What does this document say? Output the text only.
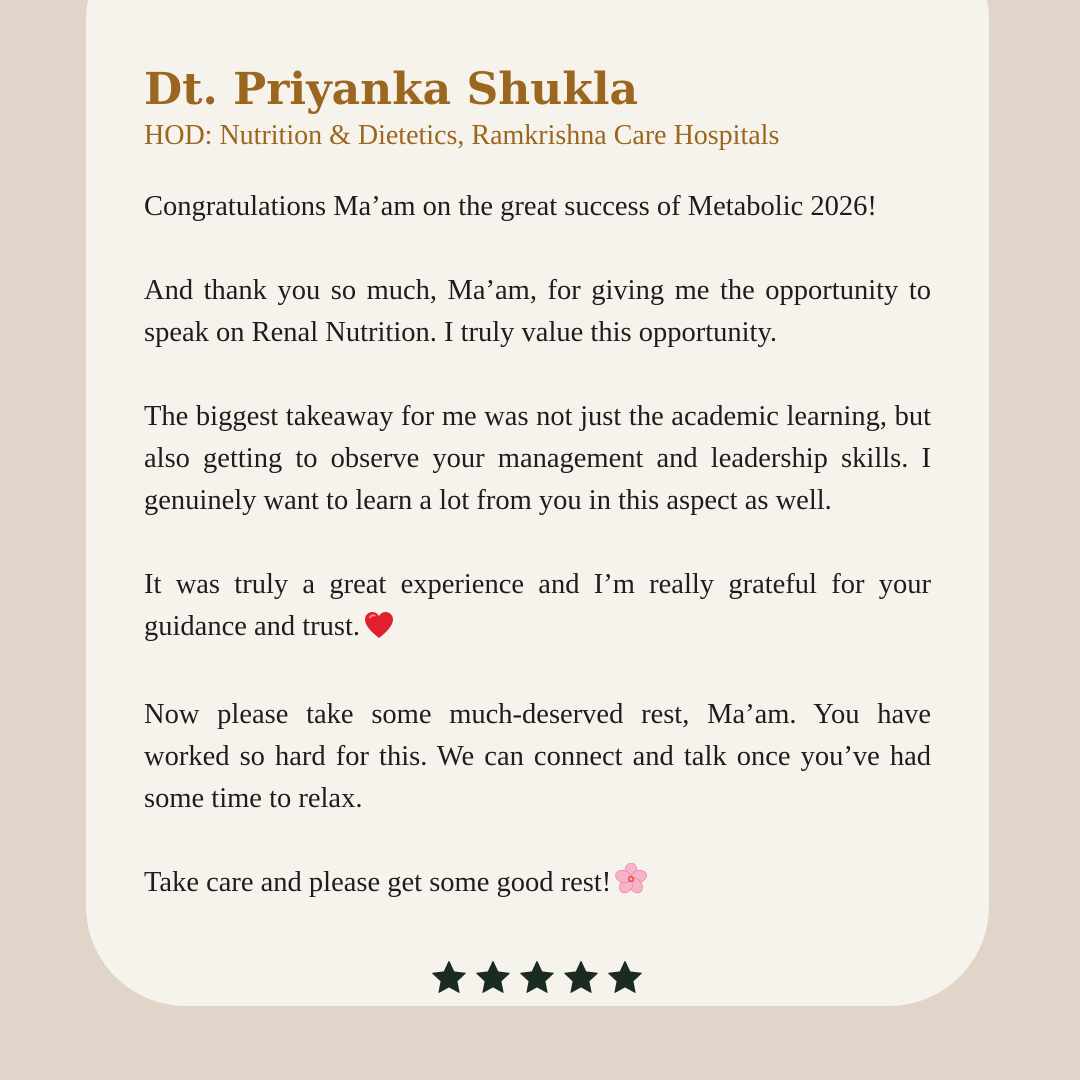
Dt. Priyanka Shukla
HOD: Nutrition & Dietetics, Ramkrishna Care Hospitals

Congratulations Ma’am on the great success of Metabolic 2026!

And thank you so much, Ma’am, for giving me the opportunity to speak on Renal Nutrition. I truly value this opportunity.

The biggest takeaway for me was not just the academic learning, but also getting to observe your management and leadership skills. I genuinely want to learn a lot from you in this aspect as well.

It was truly a great experience and I’m really grateful for your guidance and trust.

Now please take some much-deserved rest, Ma’am. You have worked so hard for this. We can connect and talk once you’ve had some time to relax.

Take care and please get some good rest!
